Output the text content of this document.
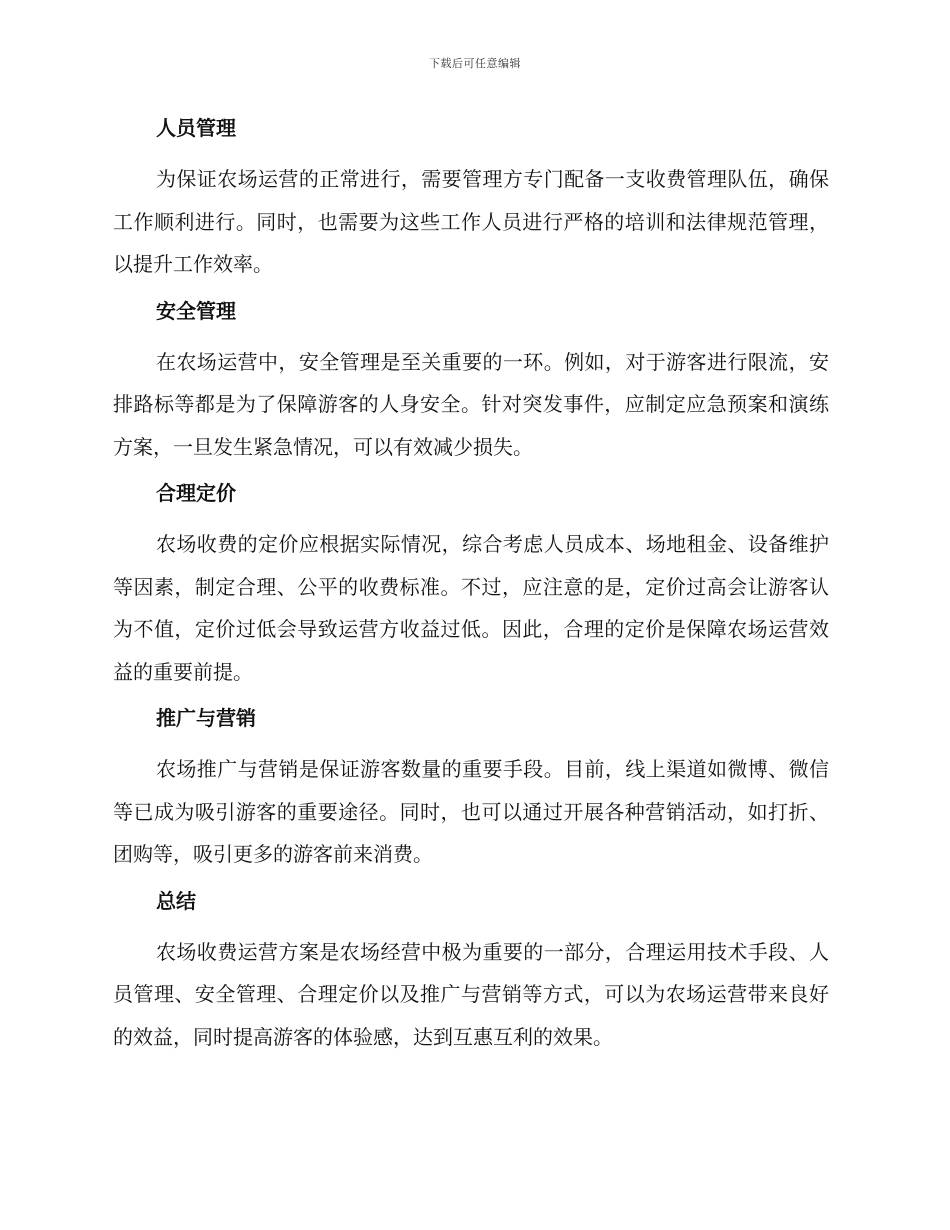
下载后可任意编辑
人员管理

为保证农场运营的正常进行，需要管理方专门配备一支收费管理队伍，确保工作顺利进行。同时，也需要为这些工作人员进行严格的培训和法律规范管理，以提升工作效率。

安全管理

在农场运营中，安全管理是至关重要的一环。例如，对于游客进行限流，安排路标等都是为了保障游客的人身安全。针对突发事件，应制定应急预案和演练方案，一旦发生紧急情况，可以有效减少损失。

合理定价

农场收费的定价应根据实际情况，综合考虑人员成本、场地租金、设备维护等因素，制定合理、公平的收费标准。不过，应注意的是，定价过高会让游客认为不值，定价过低会导致运营方收益过低。因此，合理的定价是保障农场运营效益的重要前提。

推广与营销

农场推广与营销是保证游客数量的重要手段。目前，线上渠道如微博、微信等已成为吸引游客的重要途径。同时，也可以通过开展各种营销活动，如打折、团购等，吸引更多的游客前来消费。

总结

农场收费运营方案是农场经营中极为重要的一部分，合理运用技术手段、人员管理、安全管理、合理定价以及推广与营销等方式，可以为农场运营带来良好的效益，同时提高游客的体验感，达到互惠互利的效果。
